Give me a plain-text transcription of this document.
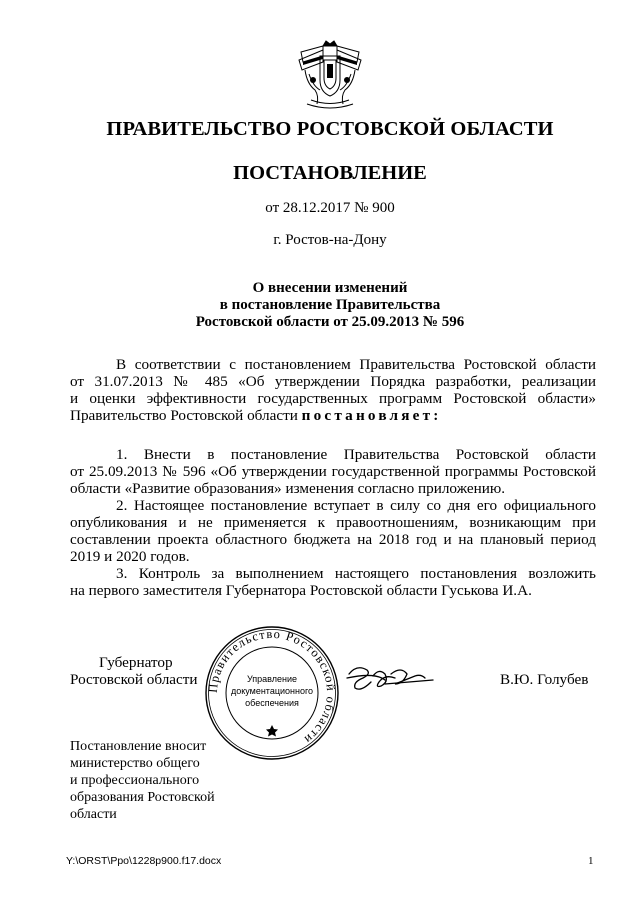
ПРАВИТЕЛЬСТВО РОСТОВСКОЙ ОБЛАСТИ
ПОСТАНОВЛЕНИЕ
от 28.12.2017 № 900
г. Ростов-на-Дону
О внесении изменений
в постановление Правительства
Ростовской области от 25.09.2013 № 596
В соответствии с постановлением Правительства Ростовской области
от 31.07.2013 № 485 «Об утверждении Порядка разработки, реализации
и оценки эффективности государственных программ Ростовской области»
Правительство Ростовской области постановляет:
1. Внести в постановление Правительства Ростовской области
от 25.09.2013 № 596 «Об утверждении государственной программы Ростовской
области «Развитие образования» изменения согласно приложению.
2. Настоящее постановление вступает в силу со дня его официального
опубликования и не применяется к правоотношениям, возникающим при
составлении проекта областного бюджета на 2018 год и на плановый период
2019 и 2020 годов.
3. Контроль за выполнением настоящего постановления возложить
на первого заместителя Губернатора Ростовской области Гуськова И.А.
Губернатор
Ростовской области Правительство Ростовской области
Управление
документационного
обеспечения
В.Ю. Голубев
Постановление вносит
министерство общего
и профессионального
образования Ростовской
области
Y:\ORST\Ppo\1228p900.f17.docx	1
